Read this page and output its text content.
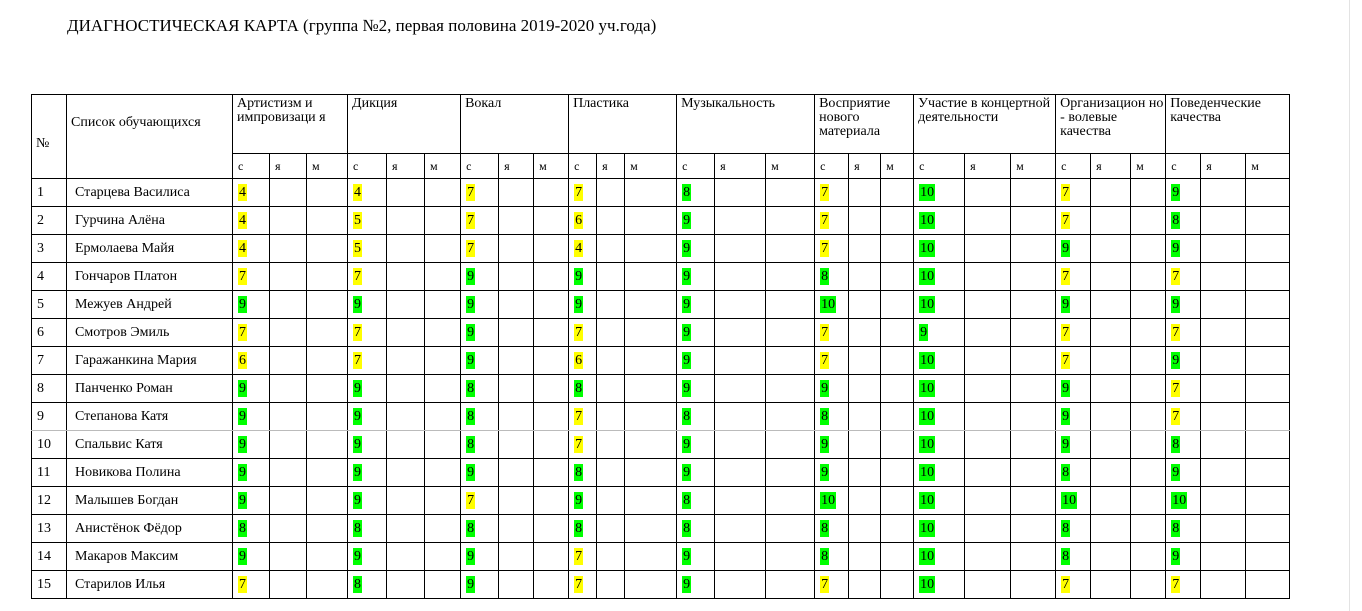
ДИАГНОСТИЧЕСКАЯ КАРТА (группа №2, первая половина 2019-2020 уч.года)
№	Список обучающихся	Артистизм и импровизаци я			Дикция			Вокал			Пластика			Музыкальность			Восприятие нового материала			Участие в концертной деятельности			Организацион но - волевые качества			Поведенческие качества		
		с	я	м	с	я	м	с	я	м	с	я	м	с	я	м	с	я	м	с	я	м	с	я	м	с	я	м
1	Старцева Василиса	4			4			7			7			8			7			10			7			9		
2	Гурчина Алёна	4			5			7			6			9			7			10			7			8		
3	Ермолаева Майя	4			5			7			4			9			7			10			9			9		
4	Гончаров Платон	7			7			9			9			9			8			10			7			7		
5	Межуев Андрей	9			9			9			9			9			10			10			9			9		
6	Смотров Эмиль	7			7			9			7			9			7			9			7			7		
7	Гаражанкина Мария	6			7			9			6			9			7			10			7			9		
8	Панченко Роман	9			9			8			8			9			9			10			9			7		
9	Степанова Катя	9			9			8			7			8			8			10			9			7		
10	Спальвис Катя	9			9			8			7			9			9			10			9			8		
11	Новикова Полина	9			9			9			8			9			9			10			8			9		
12	Малышев Богдан	9			9			7			9			8			10			10			10			10		
13	Анистёнок Фёдор	8			8			8			8			8			8			10			8			8		
14	Макаров Максим	9			9			9			7			9			8			10			8			9		
15	Старилов Илья	7			8			9			7			9			7			10			7			7		
